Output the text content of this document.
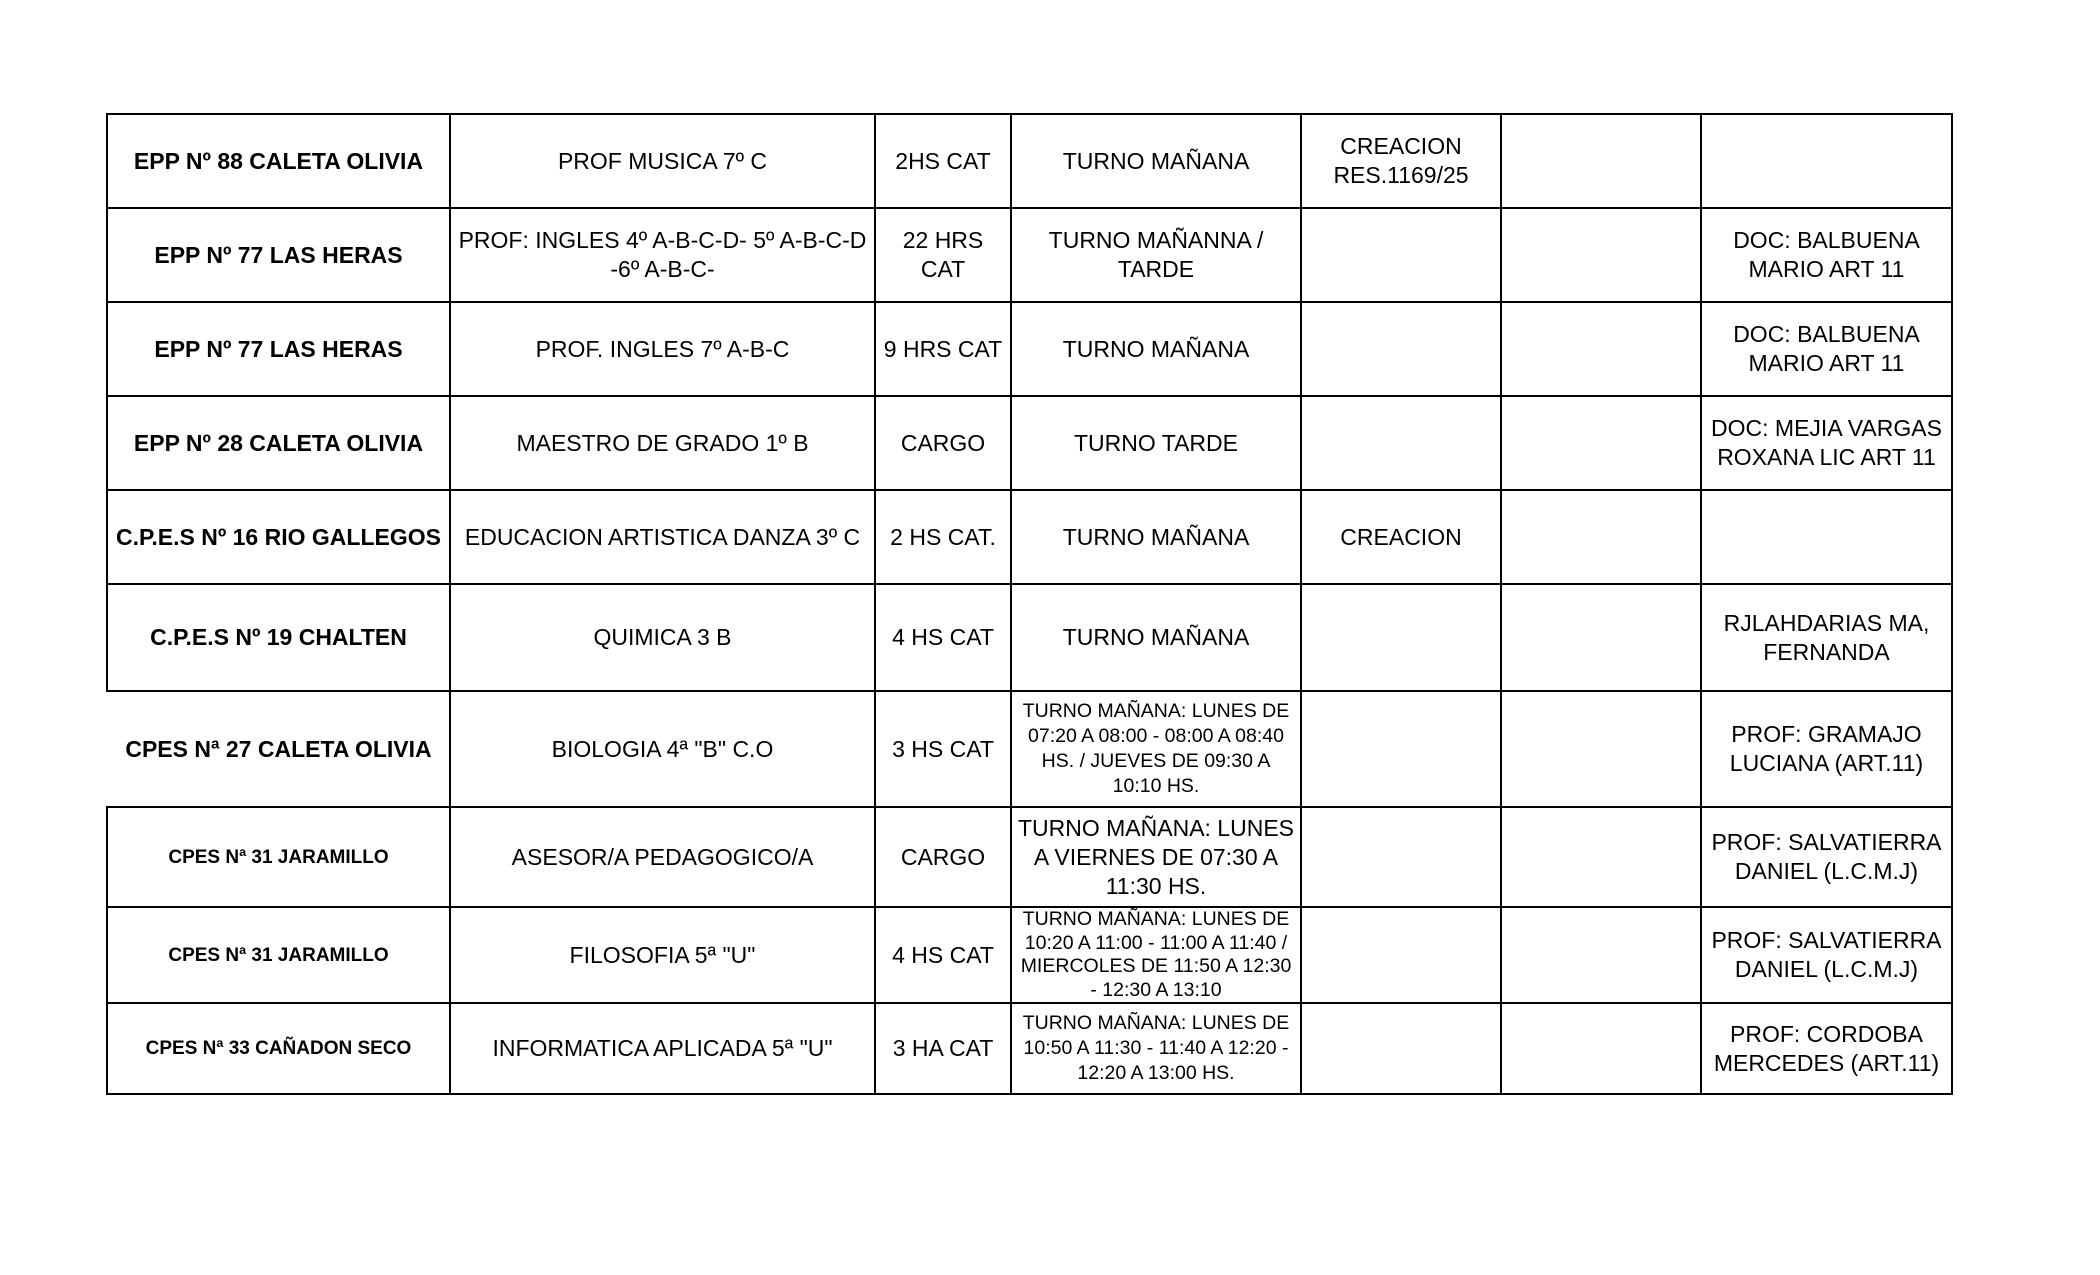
EPP Nº 88 CALETA OLIVIA	PROF MUSICA 7º C	2HS CAT	TURNO MAÑANA	CREACION RES.1169/25		
EPP Nº 77 LAS HERAS	PROF: INGLES 4º A-B-C-D- 5º A-B-C-D -6º A-B-C-	22 HRS CAT	TURNO MAÑANNA / TARDE			DOC: BALBUENA MARIO ART 11
EPP Nº 77 LAS HERAS	PROF. INGLES 7º A-B-C	9 HRS CAT	TURNO MAÑANA			DOC: BALBUENA MARIO ART 11
EPP Nº 28 CALETA OLIVIA	MAESTRO DE GRADO 1º B	CARGO	TURNO TARDE			DOC: MEJIA VARGAS ROXANA LIC ART 11
C.P.E.S Nº 16 RIO GALLEGOS	EDUCACION ARTISTICA DANZA 3º C	2 HS CAT.	TURNO MAÑANA	CREACION		
C.P.E.S Nº 19 CHALTEN	QUIMICA 3 B	4 HS CAT	TURNO MAÑANA			RJLAHDARIAS MA, FERNANDA
CPES Nª 27 CALETA OLIVIA	BIOLOGIA 4ª "B" C.O	3 HS CAT	TURNO MAÑANA: LUNES DE 07:20 A 08:00 - 08:00 A 08:40 HS. / JUEVES DE 09:30 A 10:10 HS.			PROF: GRAMAJO LUCIANA (ART.11)
CPES Nª 31 JARAMILLO	ASESOR/A PEDAGOGICO/A	CARGO	TURNO MAÑANA: LUNES A VIERNES DE 07:30 A 11:30 HS.			PROF: SALVATIERRA DANIEL (L.C.M.J)
CPES Nª 31 JARAMILLO	FILOSOFIA 5ª "U"	4 HS CAT	TURNO MAÑANA: LUNES DE 10:20 A 11:00 - 11:00 A 11:40 / MIERCOLES DE 11:50 A 12:30 - 12:30 A 13:10			PROF: SALVATIERRA DANIEL (L.C.M.J)
CPES Nª 33 CAÑADON SECO	INFORMATICA APLICADA 5ª "U"	3 HA CAT	TURNO MAÑANA: LUNES DE 10:50 A 11:30 - 11:40 A 12:20 - 12:20 A 13:00 HS.			PROF: CORDOBA MERCEDES (ART.11)
